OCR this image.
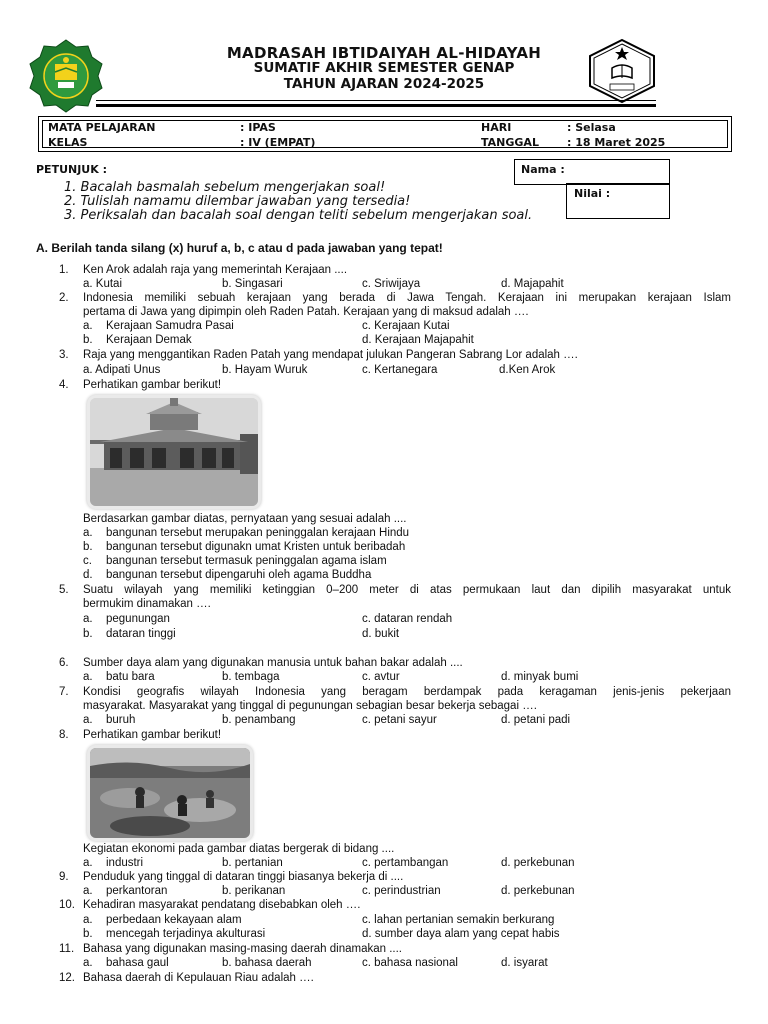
MADRASAH IBTIDAIYAH AL-HIDAYAH
SUMATIF AKHIR SEMESTER GENAP
TAHUN AJARAN 2024-2025
MATA PELAJARAN	: IPAS	HARI	: Selasa
KELAS	: IV (EMPAT)	TANGGAL	: 18 Maret 2025
PETUNJUK :
1. Bacalah basmalah sebelum mengerjakan soal!
2. Tulislah namamu dilembar jawaban yang tersedia!
3. Periksalah dan bacalah soal dengan teliti sebelum mengerjakan soal.
Nama :
Nilai :
A. Berilah tanda silang (x) huruf a, b, c atau d pada jawaban yang tepat!
1. Ken Arok adalah raja yang memerintah Kerajaan ....
a. Kutai	b. Singasari	c. Sriwijaya	d. Majapahit
2. Indonesia memiliki sebuah kerajaan yang berada di Jawa Tengah. Kerajaan ini merupakan kerajaan Islam
pertama di Jawa yang dipimpin oleh Raden Patah. Kerajaan yang di maksud adalah ….
a. Kerajaan Samudra Pasai	c. Kerajaan Kutai
b. Kerajaan Demak	d. Kerajaan Majapahit
3. Raja yang menggantikan Raden Patah yang mendapat julukan Pangeran Sabrang Lor adalah ….
a. Adipati Unus	b. Hayam Wuruk	c. Kertanegara	d.Ken Arok
4. Perhatikan gambar berikut!
Berdasarkan gambar diatas, pernyataan yang sesuai adalah ....
a. bangunan tersebut merupakan peninggalan kerajaan Hindu
b. bangunan tersebut digunakn umat Kristen untuk beribadah
c. bangunan tersebut termasuk peninggalan agama islam
d. bangunan tersebut dipengaruhi oleh agama Buddha
5. Suatu wilayah yang memiliki ketinggian 0–200 meter di atas permukaan laut dan dipilih masyarakat untuk
bermukim dinamakan ….
a. pegunungan	c. dataran rendah
b. dataran tinggi	d. bukit
6. Sumber daya alam yang digunakan manusia untuk bahan bakar adalah ....
a. batu bara	b. tembaga	c. avtur	d. minyak bumi
7. Kondisi geografis wilayah Indonesia yang beragam berdampak pada keragaman jenis-jenis pekerjaan
masyarakat. Masyarakat yang tinggal di pegunungan sebagian besar bekerja sebagai ….
a. buruh	b. penambang	c. petani sayur	d. petani padi
8. Perhatikan gambar berikut!
Kegiatan ekonomi pada gambar diatas bergerak di bidang ....
a. industri	b. pertanian	c. pertambangan	d. perkebunan
9. Penduduk yang tinggal di dataran tinggi biasanya bekerja di ....
a. perkantoran	b. perikanan	c. perindustrian	d. perkebunan
10. Kehadiran masyarakat pendatang disebabkan oleh ….
a. perbedaan kekayaan alam	c. lahan pertanian semakin berkurang
b. mencegah terjadinya akulturasi	d. sumber daya alam yang cepat habis
11. Bahasa yang digunakan masing-masing daerah dinamakan ....
a. bahasa gaul	b. bahasa daerah	c. bahasa nasional	d. isyarat
12. Bahasa daerah di Kepulauan Riau adalah ….
